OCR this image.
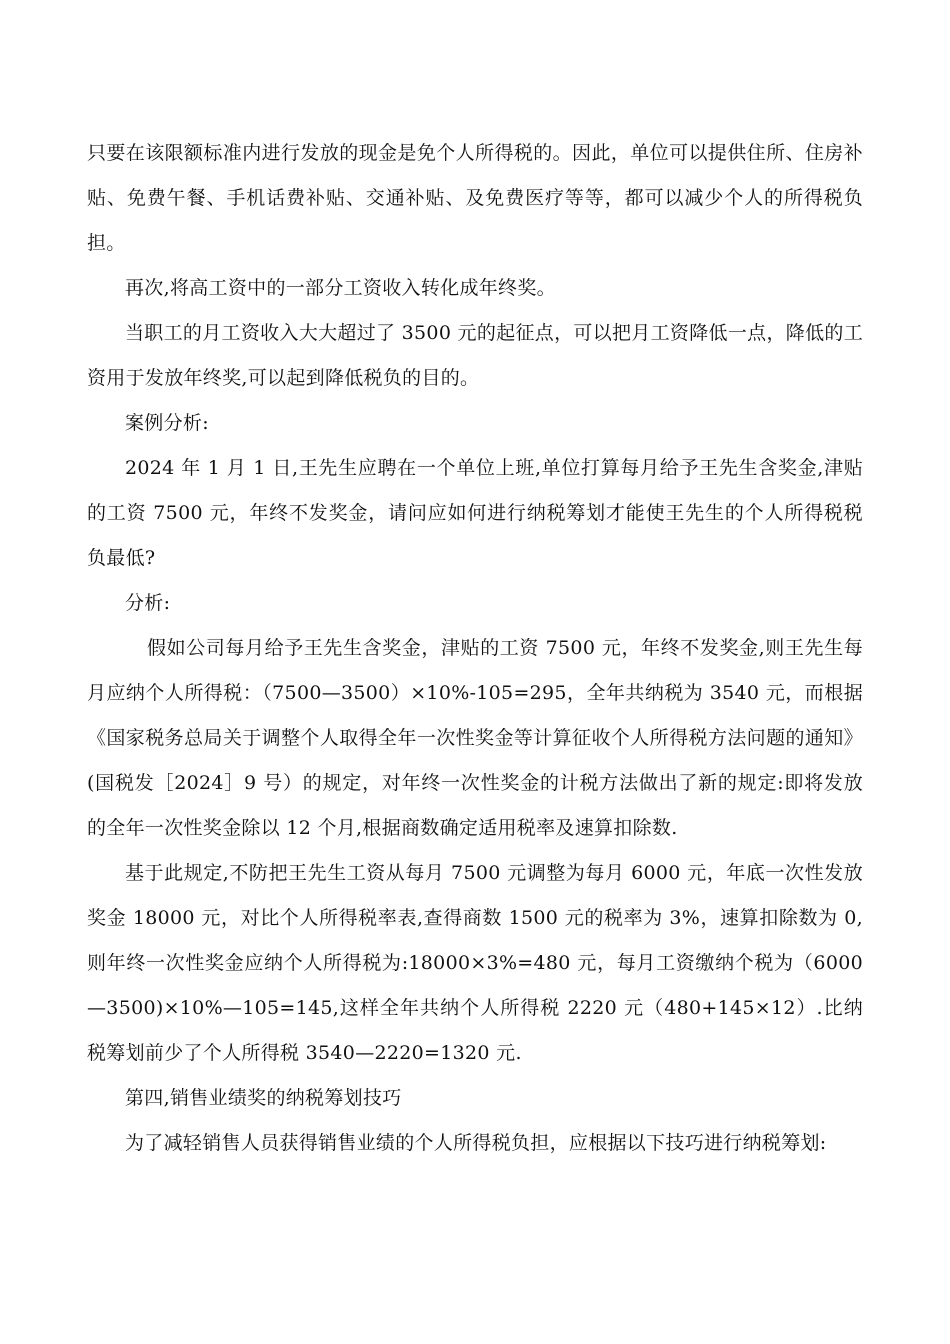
只要在该限额标准内进行发放的现金是免个人所得税的。因此，单位可以提供住所、住房补贴、免费午餐、手机话费补贴、交通补贴、及免费医疗等等，都可以减少个人的所得税负担。

再次,将高工资中的一部分工资收入转化成年终奖。

当职工的月工资收入大大超过了 3500 元的起征点，可以把月工资降低一点，降低的工资用于发放年终奖,可以起到降低税负的目的。

案例分析:

2024 年 1 月 1 日,王先生应聘在一个单位上班,单位打算每月给予王先生含奖金,津贴的工资 7500 元，年终不发奖金，请问应如何进行纳税筹划才能使王先生的个人所得税税负最低?

分析:

假如公司每月给予王先生含奖金，津贴的工资 7500 元，年终不发奖金,则王先生每月应纳个人所得税：（7500—3500）×10%-105=295，全年共纳税为 3540 元，而根据《国家税务总局关于调整个人取得全年一次性奖金等计算征收个人所得税方法问题的通知》(国税发［2024］9 号）的规定，对年终一次性奖金的计税方法做出了新的规定:即将发放的全年一次性奖金除以 12 个月,根据商数确定适用税率及速算扣除数.

基于此规定,不防把王先生工资从每月 7500 元调整为每月 6000 元，年底一次性发放奖金 18000 元，对比个人所得税率表,查得商数 1500 元的税率为 3%，速算扣除数为 0,则年终一次性奖金应纳个人所得税为:18000×3%=480 元，每月工资缴纳个税为（6000—3500)×10%—105=145,这样全年共纳个人所得税 2220 元（480+145×12）.比纳税筹划前少了个人所得税 3540—2220=1320 元.

第四,销售业绩奖的纳税筹划技巧

为了减轻销售人员获得销售业绩的个人所得税负担，应根据以下技巧进行纳税筹划:
